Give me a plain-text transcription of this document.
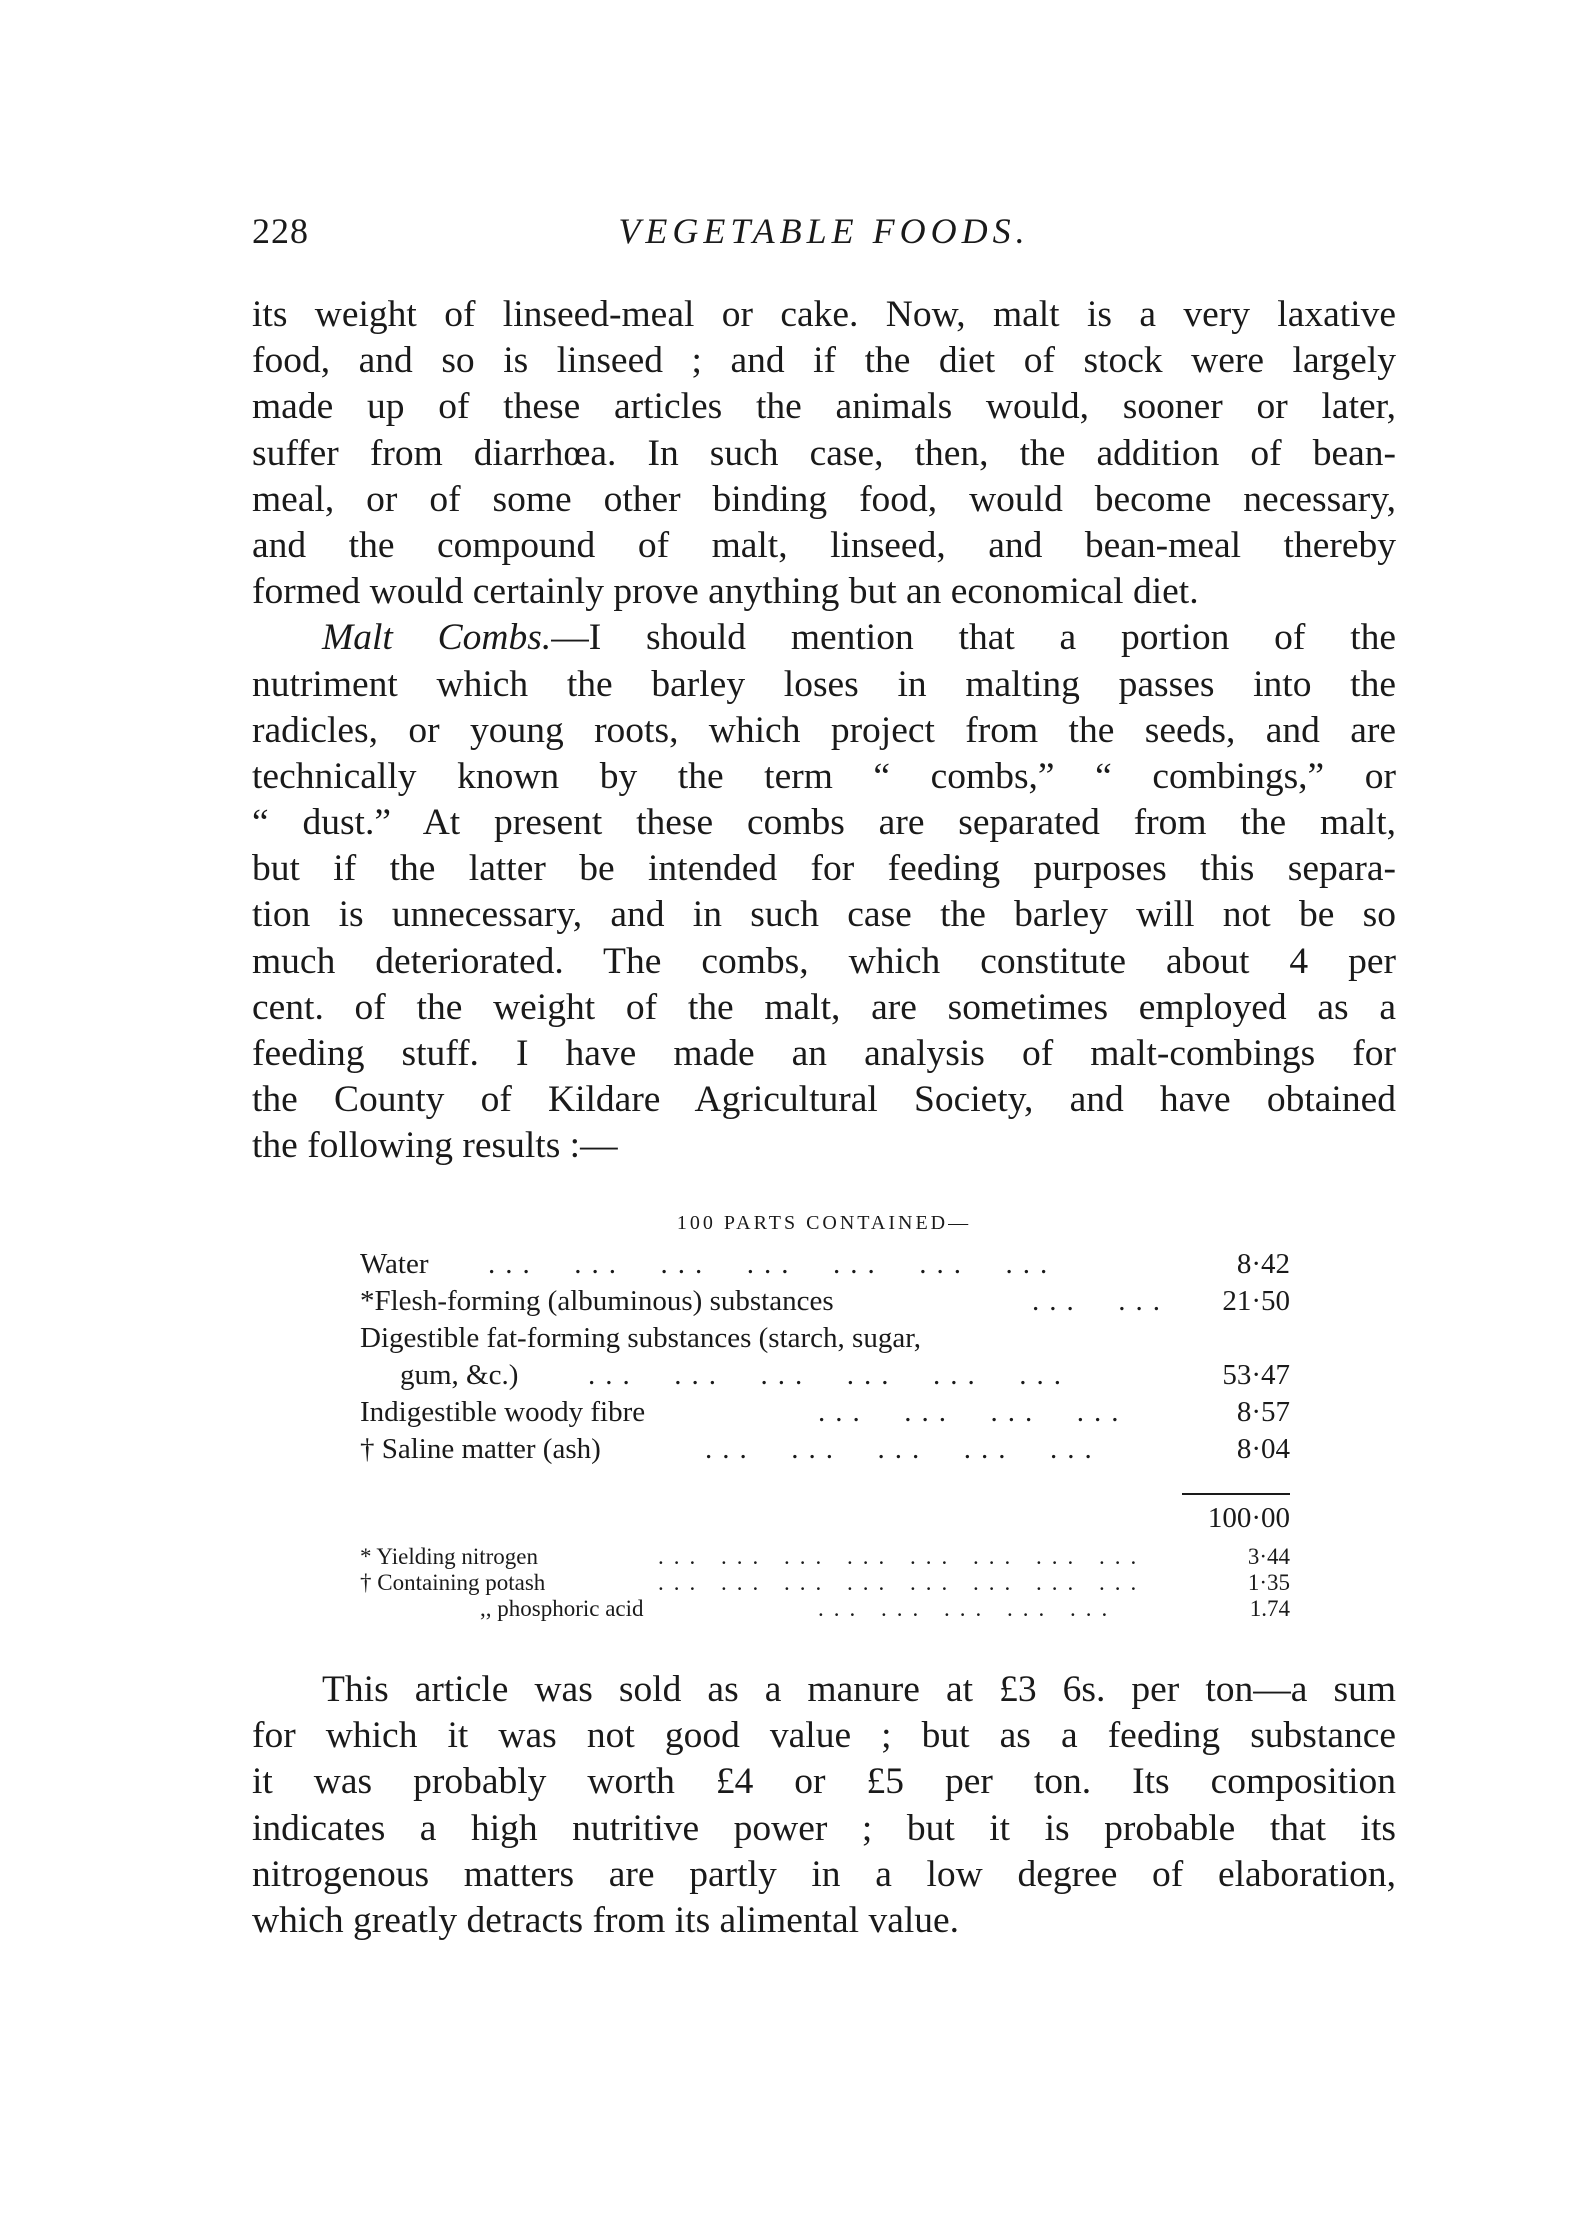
228	VEGETABLE FOODS.
its weight of linseed-meal or cake. Now, malt is a very laxative
food, and so is linseed ; and if the diet of stock were largely
made up of these articles the animals would, sooner or later,
suffer from diarrhœa. In such case, then, the addition of bean-
meal, or of some other binding food, would become necessary,
and the compound of malt, linseed, and bean-meal thereby
formed would certainly prove anything but an economical diet.
Malt Combs.—I should mention that a portion of the
nutriment which the barley loses in malting passes into the
radicles, or young roots, which project from the seeds, and are
technically known by the term “ combs,” “ combings,” or
“ dust.” At present these combs are separated from the malt,
but if the latter be intended for feeding purposes this separa-
tion is unnecessary, and in such case the barley will not be so
much deteriorated. The combs, which constitute about 4 per
cent. of the weight of the malt, are sometimes employed as a
feeding stuff. I have made an analysis of malt-combings for
the County of Kildare Agricultural Society, and have obtained
the following results :—
100 PARTS CONTAINED—
Water ...  ...  ...  ...  ...  ...  ...	8·42
*Flesh-forming (albuminous) substances	...  ... 21·50
Digestible fat-forming substances (starch, sugar,
gum, &c.) ...  ...  ...  ...  ...  ...	53·47
Indigestible woody fibre	...  ...  ...  ...	8·57
† Saline matter (ash)	...  ...  ...  ...  ...	8·04
100·00
* Yielding nitrogen	... ... ... ... ... ... ... ...	3·44
† Containing potash	... ... ... ... ... ... ... ...	1·35
,, phosphoric acid	... ... ... ... ...	1.74
This article was sold as a manure at £3 6s. per ton—a sum
for which it was not good value ; but as a feeding substance
it was probably worth £4 or £5 per ton. Its composition
indicates a high nutritive power ; but it is probable that its
nitrogenous matters are partly in a low degree of elaboration,
which greatly detracts from its alimental value.
